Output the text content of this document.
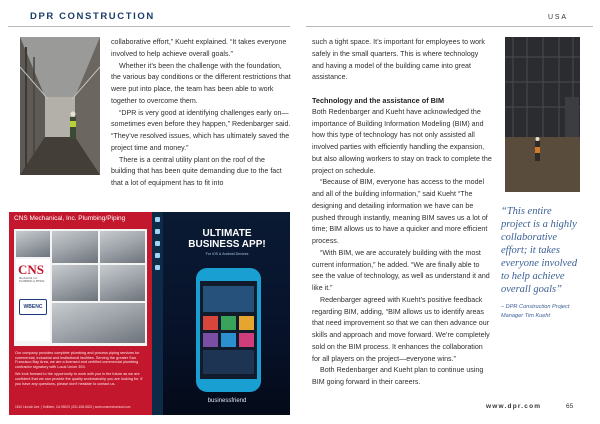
DPR CONSTRUCTION	USA

collaborative effort,” Kueht explained. “It takes everyone involved to help achieve overall goals.”

Whether it’s been the challenge with the foundation, the various bay conditions or the different restrictions that were put into place, the team has been able to work together to overcome them.

“DPR is very good at identifying challenges early on—sometimes even before they happen,” Redenbarger said. “They’ve resolved issues, which has ultimately saved the project time and money.”

There is a central utility plant on the roof of the building that has been quite demanding due to the fact that a lot of equipment has to fit into

such a tight space. It’s important for employees to work safely in the small quarters. This is where technology and having a model of the building came into great assistance.

Technology and the assistance of BIM

Both Redenbarger and Kueht have acknowledged the importance of Building Information Modeling (BIM) and how this type of technology has not only assisted all involved parties with efficiently handling the expansion, but also allowing workers to stay on track to complete the project on schedule.

“Because of BIM, everyone has access to the model and all of the building information,” said Kueht “The designing and detailing information we have can be pushed through instantly, meaning BIM saves us a lot of time; BIM allows us to have a quicker and more efficient process.

“With BIM, we are accurately building with the most current information,” he added. “We are finally able to see the value of technology, as well as understand it and like it.”

Redenbarger agreed with Kueht’s positive feedback regarding BIM, adding, “BIM allows us to identify areas that need improvement so that we can then advance our skills and approach and move forward. We’re completely sold on the BIM process. It enhances the collaboration for all players on the project—everyone wins.”

Both Redenbarger and Kueht plan to continue using BIM going forward in their careers.

“This entire project is a highly collaborative effort; it takes everyone involved to help achieve overall goals”
– DPR Construction Project Manager Tim Kueht
CNS Mechanical, Inc. Plumbing/Piping
CNS
Mechanical, Inc. PLUMBING & PIPING
WBENC

Our company provides complete plumbing and process piping services for commercial, industrial and institutional facilities. Serving the greater San Francisco Bay Area, we are a licensed and certified commercial plumbing contractor signatory with Local Union 393.

We look forward to the opportunity to work with you in the future as we are confident that we can provide the quality workmanship you are looking for. If you have any questions, please don’t hesitate to contact us.

1810 Lincoln Ave. | Hollister, CA 95023 | 831-636-5822 | www.cnsmechanical.com
ULTIMATE
BUSINESS APP!
For iOS & Android Devices
businessfriend
www.dpr.com	65
